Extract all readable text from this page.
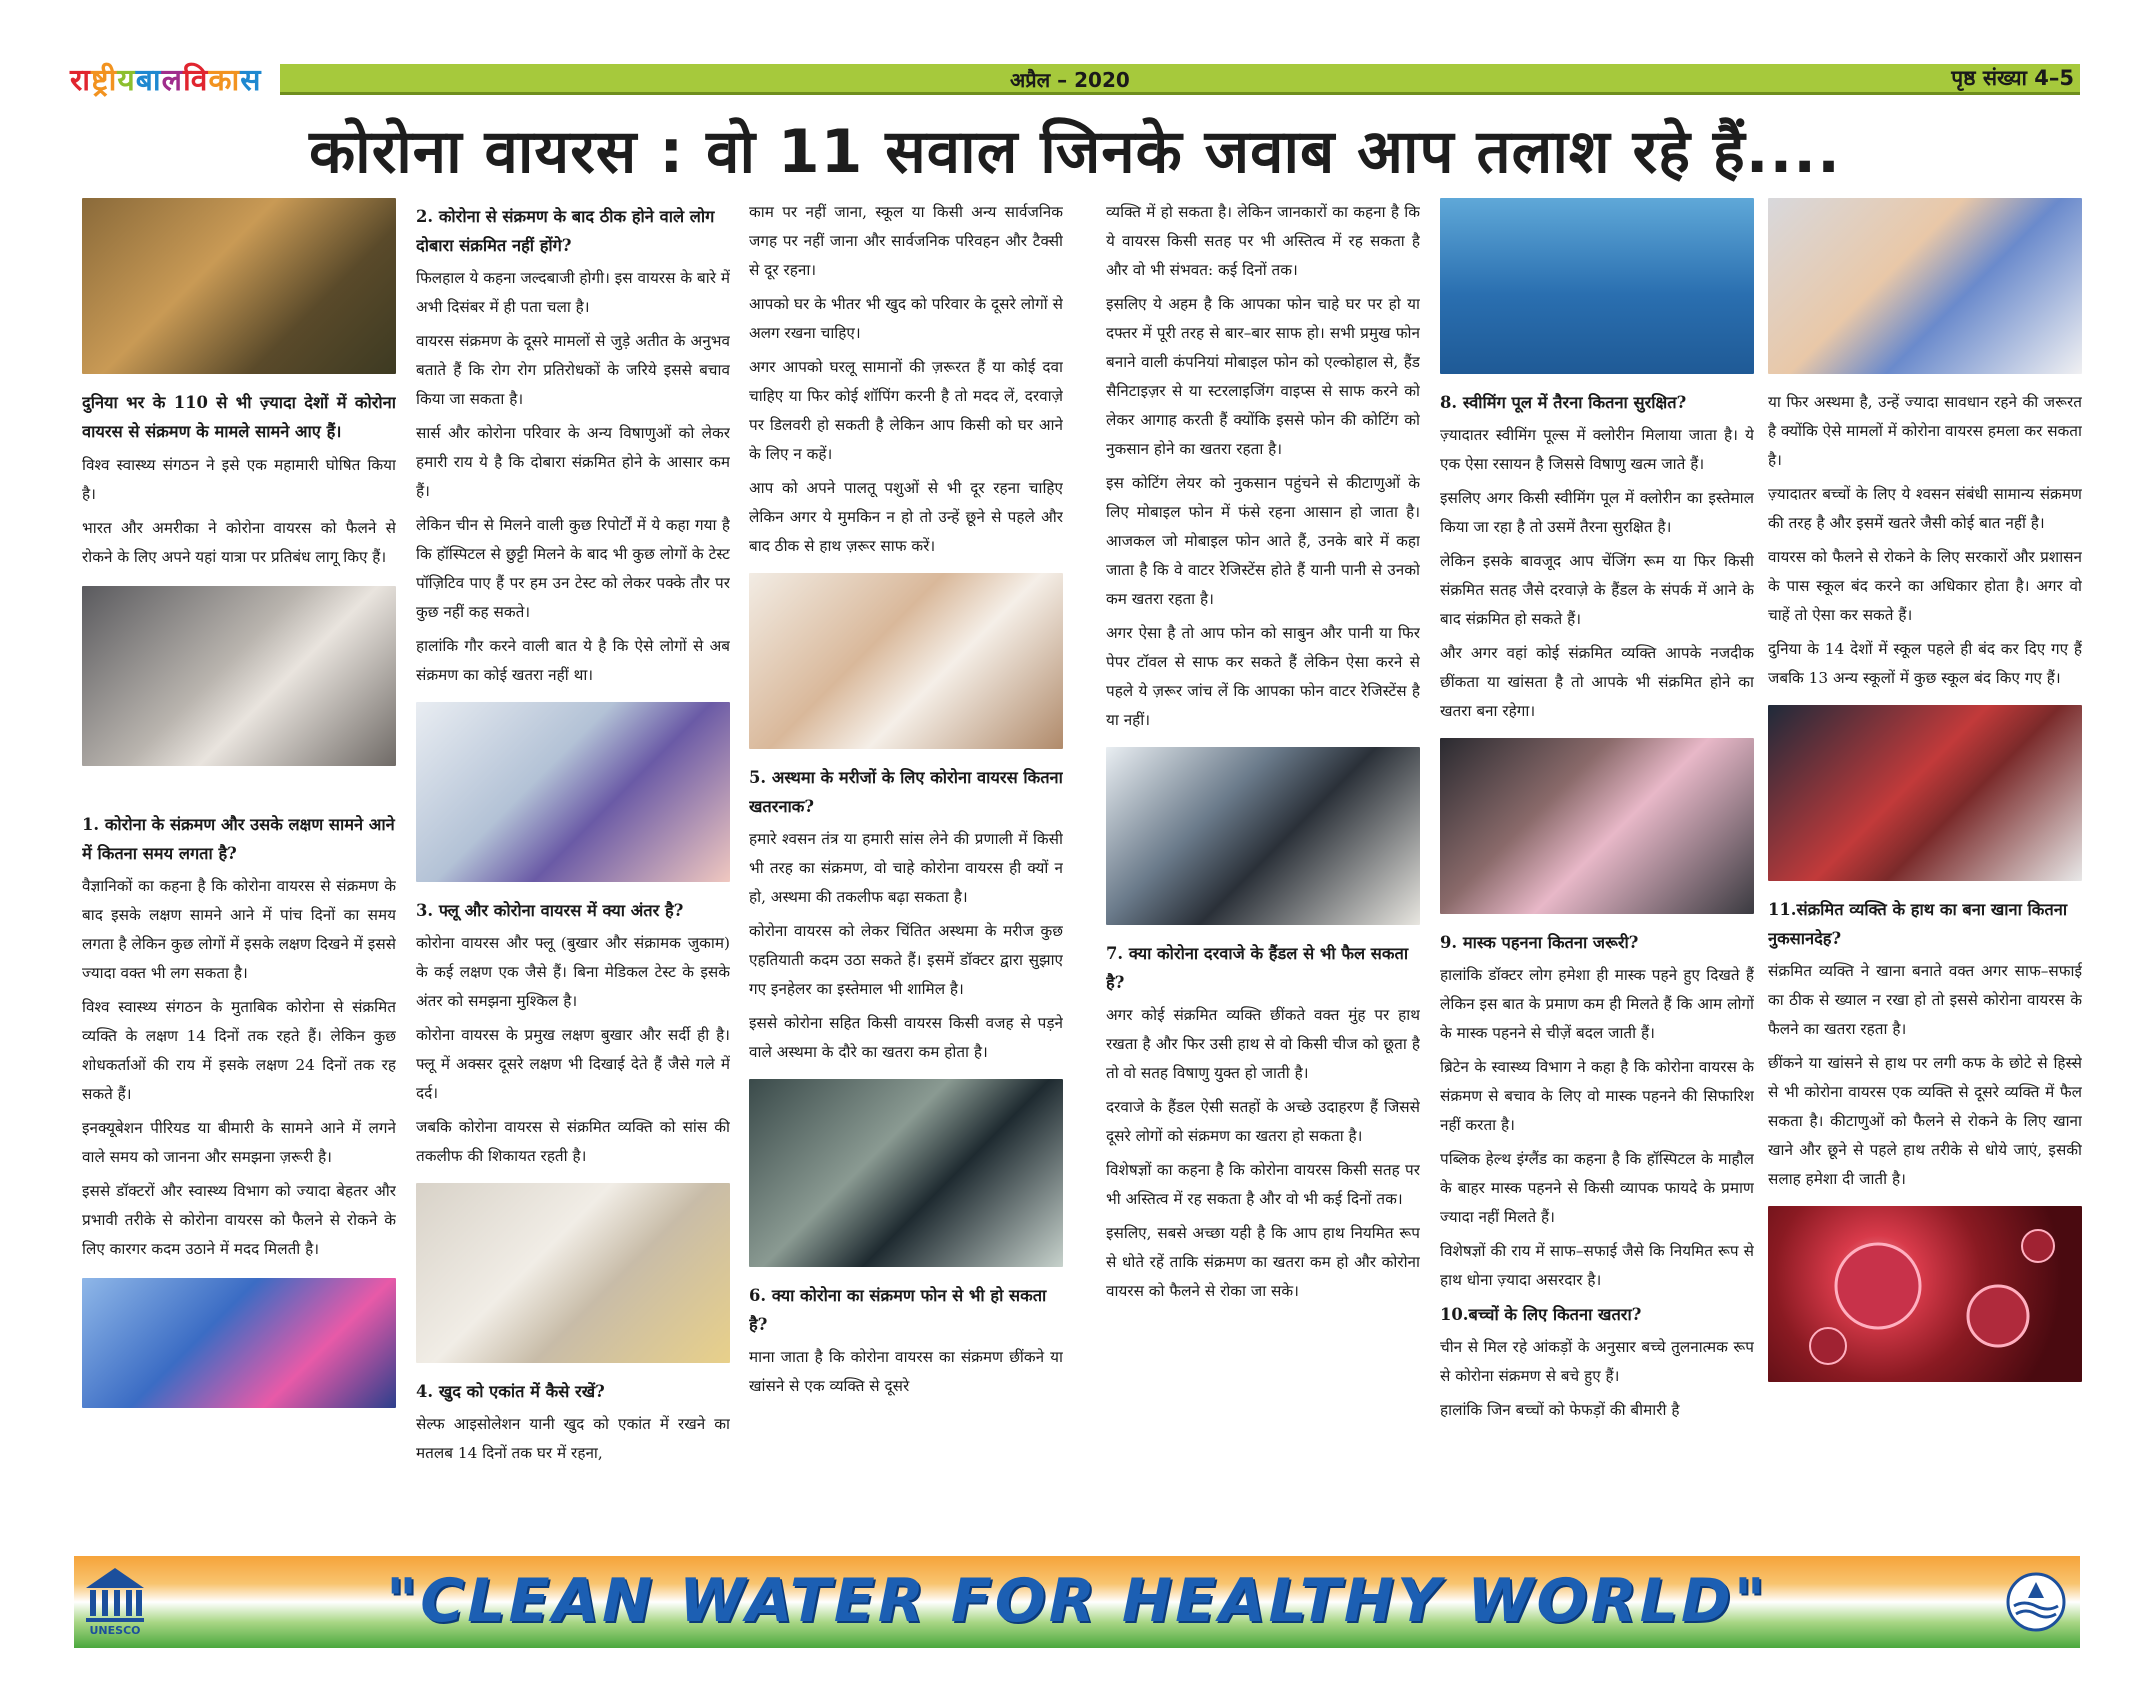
राष्ट्रीयबालविकास	अप्रैल – 2020	पृष्ठ संख्या 4–5
कोरोना वायरस : वो 11 सवाल जिनके जवाब आप तलाश रहे हैं....

दुनिया भर के 110 से भी ज़्यादा देशों में कोरोना वायरस से संक्रमण के मामले सामने आए हैं।

विश्व स्वास्थ्य संगठन ने इसे एक महामारी घोषित किया है।

भारत और अमरीका ने कोरोना वायरस को फैलने से रोकने के लिए अपने यहां यात्रा पर प्रतिबंध लागू किए हैं।

1. कोरोना के संक्रमण और उसके लक्षण सामने आने में कितना समय लगता है?

वैज्ञानिकों का कहना है कि कोरोना वायरस से संक्रमण के बाद इसके लक्षण सामने आने में पांच दिनों का समय लगता है लेकिन कुछ लोगों में इसके लक्षण दिखने में इससे ज्यादा वक्त भी लग सकता है।

विश्व स्वास्थ्य संगठन के मुताबिक कोरोना से संक्रमित व्यक्ति के लक्षण 14 दिनों तक रहते हैं। लेकिन कुछ शोधकर्ताओं की राय में इसके लक्षण 24 दिनों तक रह सकते हैं।

इनक्यूबेशन पीरियड या बीमारी के सामने आने में लगने वाले समय को जानना और समझना ज़रूरी है।

इससे डॉक्टरों और स्वास्थ्य विभाग को ज्यादा बेहतर और प्रभावी तरीके से कोरोना वायरस को फैलने से रोकने के लिए कारगर कदम उठाने में मदद मिलती है।

2. कोरोना से संक्रमण के बाद ठीक होने वाले लोग दोबारा संक्रमित नहीं होंगे?

फिलहाल ये कहना जल्दबाजी होगी। इस वायरस के बारे में अभी दिसंबर में ही पता चला है।

वायरस संक्रमण के दूसरे मामलों से जुड़े अतीत के अनुभव बताते हैं कि रोग रोग प्रतिरोधकों के जरिये इससे बचाव किया जा सकता है।

सार्स और कोरोना परिवार के अन्य विषाणुओं को लेकर हमारी राय ये है कि दोबारा संक्रमित होने के आसार कम हैं।

लेकिन चीन से मिलने वाली कुछ रिपोर्टों में ये कहा गया है कि हॉस्पिटल से छुट्टी मिलने के बाद भी कुछ लोगों के टेस्ट पॉज़िटिव पाए हैं पर हम उन टेस्ट को लेकर पक्के तौर पर कुछ नहीं कह सकते।

हालांकि गौर करने वाली बात ये है कि ऐसे लोगों से अब संक्रमण का कोई खतरा नहीं था।

3. फ्लू और कोरोना वायरस में क्या अंतर है?

कोरोना वायरस और फ्लू (बुखार और संक्रामक जुकाम) के कई लक्षण एक जैसे हैं। बिना मेडिकल टेस्ट के इसके अंतर को समझना मुश्किल है।

कोरोना वायरस के प्रमुख लक्षण बुखार और सर्दी ही है। फ्लू में अक्सर दूसरे लक्षण भी दिखाई देते हैं जैसे गले में दर्द।

जबकि कोरोना वायरस से संक्रमित व्यक्ति को सांस की तकलीफ की शिकायत रहती है।

4. खुद को एकांत में कैसे रखें?

सेल्फ आइसोलेशन यानी खुद को एकांत में रखने का मतलब 14 दिनों तक घर में रहना,

काम पर नहीं जाना, स्कूल या किसी अन्य सार्वजनिक जगह पर नहीं जाना और सार्वजनिक परिवहन और टैक्सी से दूर रहना।

आपको घर के भीतर भी खुद को परिवार के दूसरे लोगों से अलग रखना चाहिए।

अगर आपको घरलू सामानों की ज़रूरत हैं या कोई दवा चाहिए या फिर कोई शॉपिंग करनी है तो मदद लें, दरवाज़े पर डिलवरी हो सकती है लेकिन आप किसी को घर आने के लिए न कहें।

आप को अपने पालतू पशुओं से भी दूर रहना चाहिए लेकिन अगर ये मुमकिन न हो तो उन्हें छूने से पहले और बाद ठीक से हाथ ज़रूर साफ करें।

5. अस्थमा के मरीजों के लिए कोरोना वायरस कितना खतरनाक?

हमारे श्वसन तंत्र या हमारी सांस लेने की प्रणाली में किसी भी तरह का संक्रमण, वो चाहे कोरोना वायरस ही क्यों न हो, अस्थमा की तकलीफ बढ़ा सकता है।

कोरोना वायरस को लेकर चिंतित अस्थमा के मरीज कुछ एहतियाती कदम उठा सकते हैं। इसमें डॉक्टर द्वारा सुझाए गए इनहेलर का इस्तेमाल भी शामिल है।

इससे कोरोना सहित किसी वायरस किसी वजह से पड़ने वाले अस्थमा के दौरे का खतरा कम होता है।

6. क्या कोरोना का संक्रमण फोन से भी हो सकता है?

माना जाता है कि कोरोना वायरस का संक्रमण छींकने या खांसने से एक व्यक्ति से दूसरे

व्यक्ति में हो सकता है। लेकिन जानकारों का कहना है कि ये वायरस किसी सतह पर भी अस्तित्व में रह सकता है और वो भी संभवत: कई दिनों तक।

इसलिए ये अहम है कि आपका फोन चाहे घर पर हो या दफ्तर में पूरी तरह से बार–बार साफ हो। सभी प्रमुख फोन बनाने वाली कंपनियां मोबाइल फोन को एल्कोहाल से, हैंड सैनिटाइज़र से या स्टरलाइजिंग वाइप्स से साफ करने को लेकर आगाह करती हैं क्योंकि इससे फोन की कोटिंग को नुकसान होने का खतरा रहता है।

इस कोटिंग लेयर को नुकसान पहुंचने से कीटाणुओं के लिए मोबाइल फोन में फंसे रहना आसान हो जाता है। आजकल जो मोबाइल फोन आते हैं, उनके बारे में कहा जाता है कि वे वाटर रेजिस्टेंस होते हैं यानी पानी से उनको कम खतरा रहता है।

अगर ऐसा है तो आप फोन को साबुन और पानी या फिर पेपर टॉवल से साफ कर सकते हैं लेकिन ऐसा करने से पहले ये ज़रूर जांच लें कि आपका फोन वाटर रेजिस्टेंस है या नहीं।

7. क्या कोरोना दरवाजे के हैंडल से भी फैल सकता है?

अगर कोई संक्रमित व्यक्ति छींकते वक्त मुंह पर हाथ रखता है और फिर उसी हाथ से वो किसी चीज को छूता है तो वो सतह विषाणु युक्त हो जाती है।

दरवाजे के हैंडल ऐसी सतहों के अच्छे उदाहरण हैं जिससे दूसरे लोगों को संक्रमण का खतरा हो सकता है।

विशेषज्ञों का कहना है कि कोरोना वायरस किसी सतह पर भी अस्तित्व में रह सकता है और वो भी कई दिनों तक।

इसलिए, सबसे अच्छा यही है कि आप हाथ नियमित रूप से धोते रहें ताकि संक्रमण का खतरा कम हो और कोरोना वायरस को फैलने से रोका जा सके।

8. स्वीमिंग पूल में तैरना कितना सुरक्षित?

ज़्यादातर स्वीमिंग पूल्स में क्लोरीन मिलाया जाता है। ये एक ऐसा रसायन है जिससे विषाणु खत्म जाते हैं।

इसलिए अगर किसी स्वीमिंग पूल में क्लोरीन का इस्तेमाल किया जा रहा है तो उसमें तैरना सुरक्षित है।

लेकिन इसके बावजूद आप चेंजिंग रूम या फिर किसी संक्रमित सतह जैसे दरवाज़े के हैंडल के संपर्क में आने के बाद संक्रमित हो सकते हैं।

और अगर वहां कोई संक्रमित व्यक्ति आपके नजदीक छींकता या खांसता है तो आपके भी संक्रमित होने का खतरा बना रहेगा।

9. मास्क पहनना कितना जरूरी?

हालांकि डॉक्टर लोग हमेशा ही मास्क पहने हुए दिखते हैं लेकिन इस बात के प्रमाण कम ही मिलते हैं कि आम लोगों के मास्क पहनने से चीज़ें बदल जाती हैं।

ब्रिटेन के स्वास्थ्य विभाग ने कहा है कि कोरोना वायरस के संक्रमण से बचाव के लिए वो मास्क पहनने की सिफारिश नहीं करता है।

पब्लिक हेल्थ इंग्लैंड का कहना है कि हॉस्पिटल के माहौल के बाहर मास्क पहनने से किसी व्यापक फायदे के प्रमाण ज्यादा नहीं मिलते हैं।

विशेषज्ञों की राय में साफ–सफाई जैसे कि नियमित रूप से हाथ धोना ज़्यादा असरदार है।

10.बच्चों के लिए कितना खतरा?

चीन से मिल रहे आंकड़ों के अनुसार बच्चे तुलनात्मक रूप से कोरोना संक्रमण से बचे हुए हैं।

हालांकि जिन बच्चों को फेफड़ों की बीमारी है

या फिर अस्थमा है, उन्हें ज्यादा सावधान रहने की जरूरत है क्योंकि ऐसे मामलों में कोरोना वायरस हमला कर सकता है।

ज़्यादातर बच्चों के लिए ये श्वसन संबंधी सामान्य संक्रमण की तरह है और इसमें खतरे जैसी कोई बात नहीं है।

वायरस को फैलने से रोकने के लिए सरकारों और प्रशासन के पास स्कूल बंद करने का अधिकार होता है। अगर वो चाहें तो ऐसा कर सकते हैं।

दुनिया के 14 देशों में स्कूल पहले ही बंद कर दिए गए हैं जबकि 13 अन्य स्कूलों में कुछ स्कूल बंद किए गए हैं।

11.संक्रमित व्यक्ति के हाथ का बना खाना कितना नुकसानदेह?

संक्रमित व्यक्ति ने खाना बनाते वक्त अगर साफ–सफाई का ठीक से ख्याल न रखा हो तो इससे कोरोना वायरस के फैलने का खतरा रहता है।

छींकने या खांसने से हाथ पर लगी कफ के छोटे से हिस्से से भी कोरोना वायरस एक व्यक्ति से दूसरे व्यक्ति में फैल सकता है। कीटाणुओं को फैलने से रोकने के लिए खाना खाने और छूने से पहले हाथ तरीके से धोये जाएं, इसकी सलाह हमेशा दी जाती है।

UNESCO	"CLEAN WATER FOR HEALTHY WORLD"
